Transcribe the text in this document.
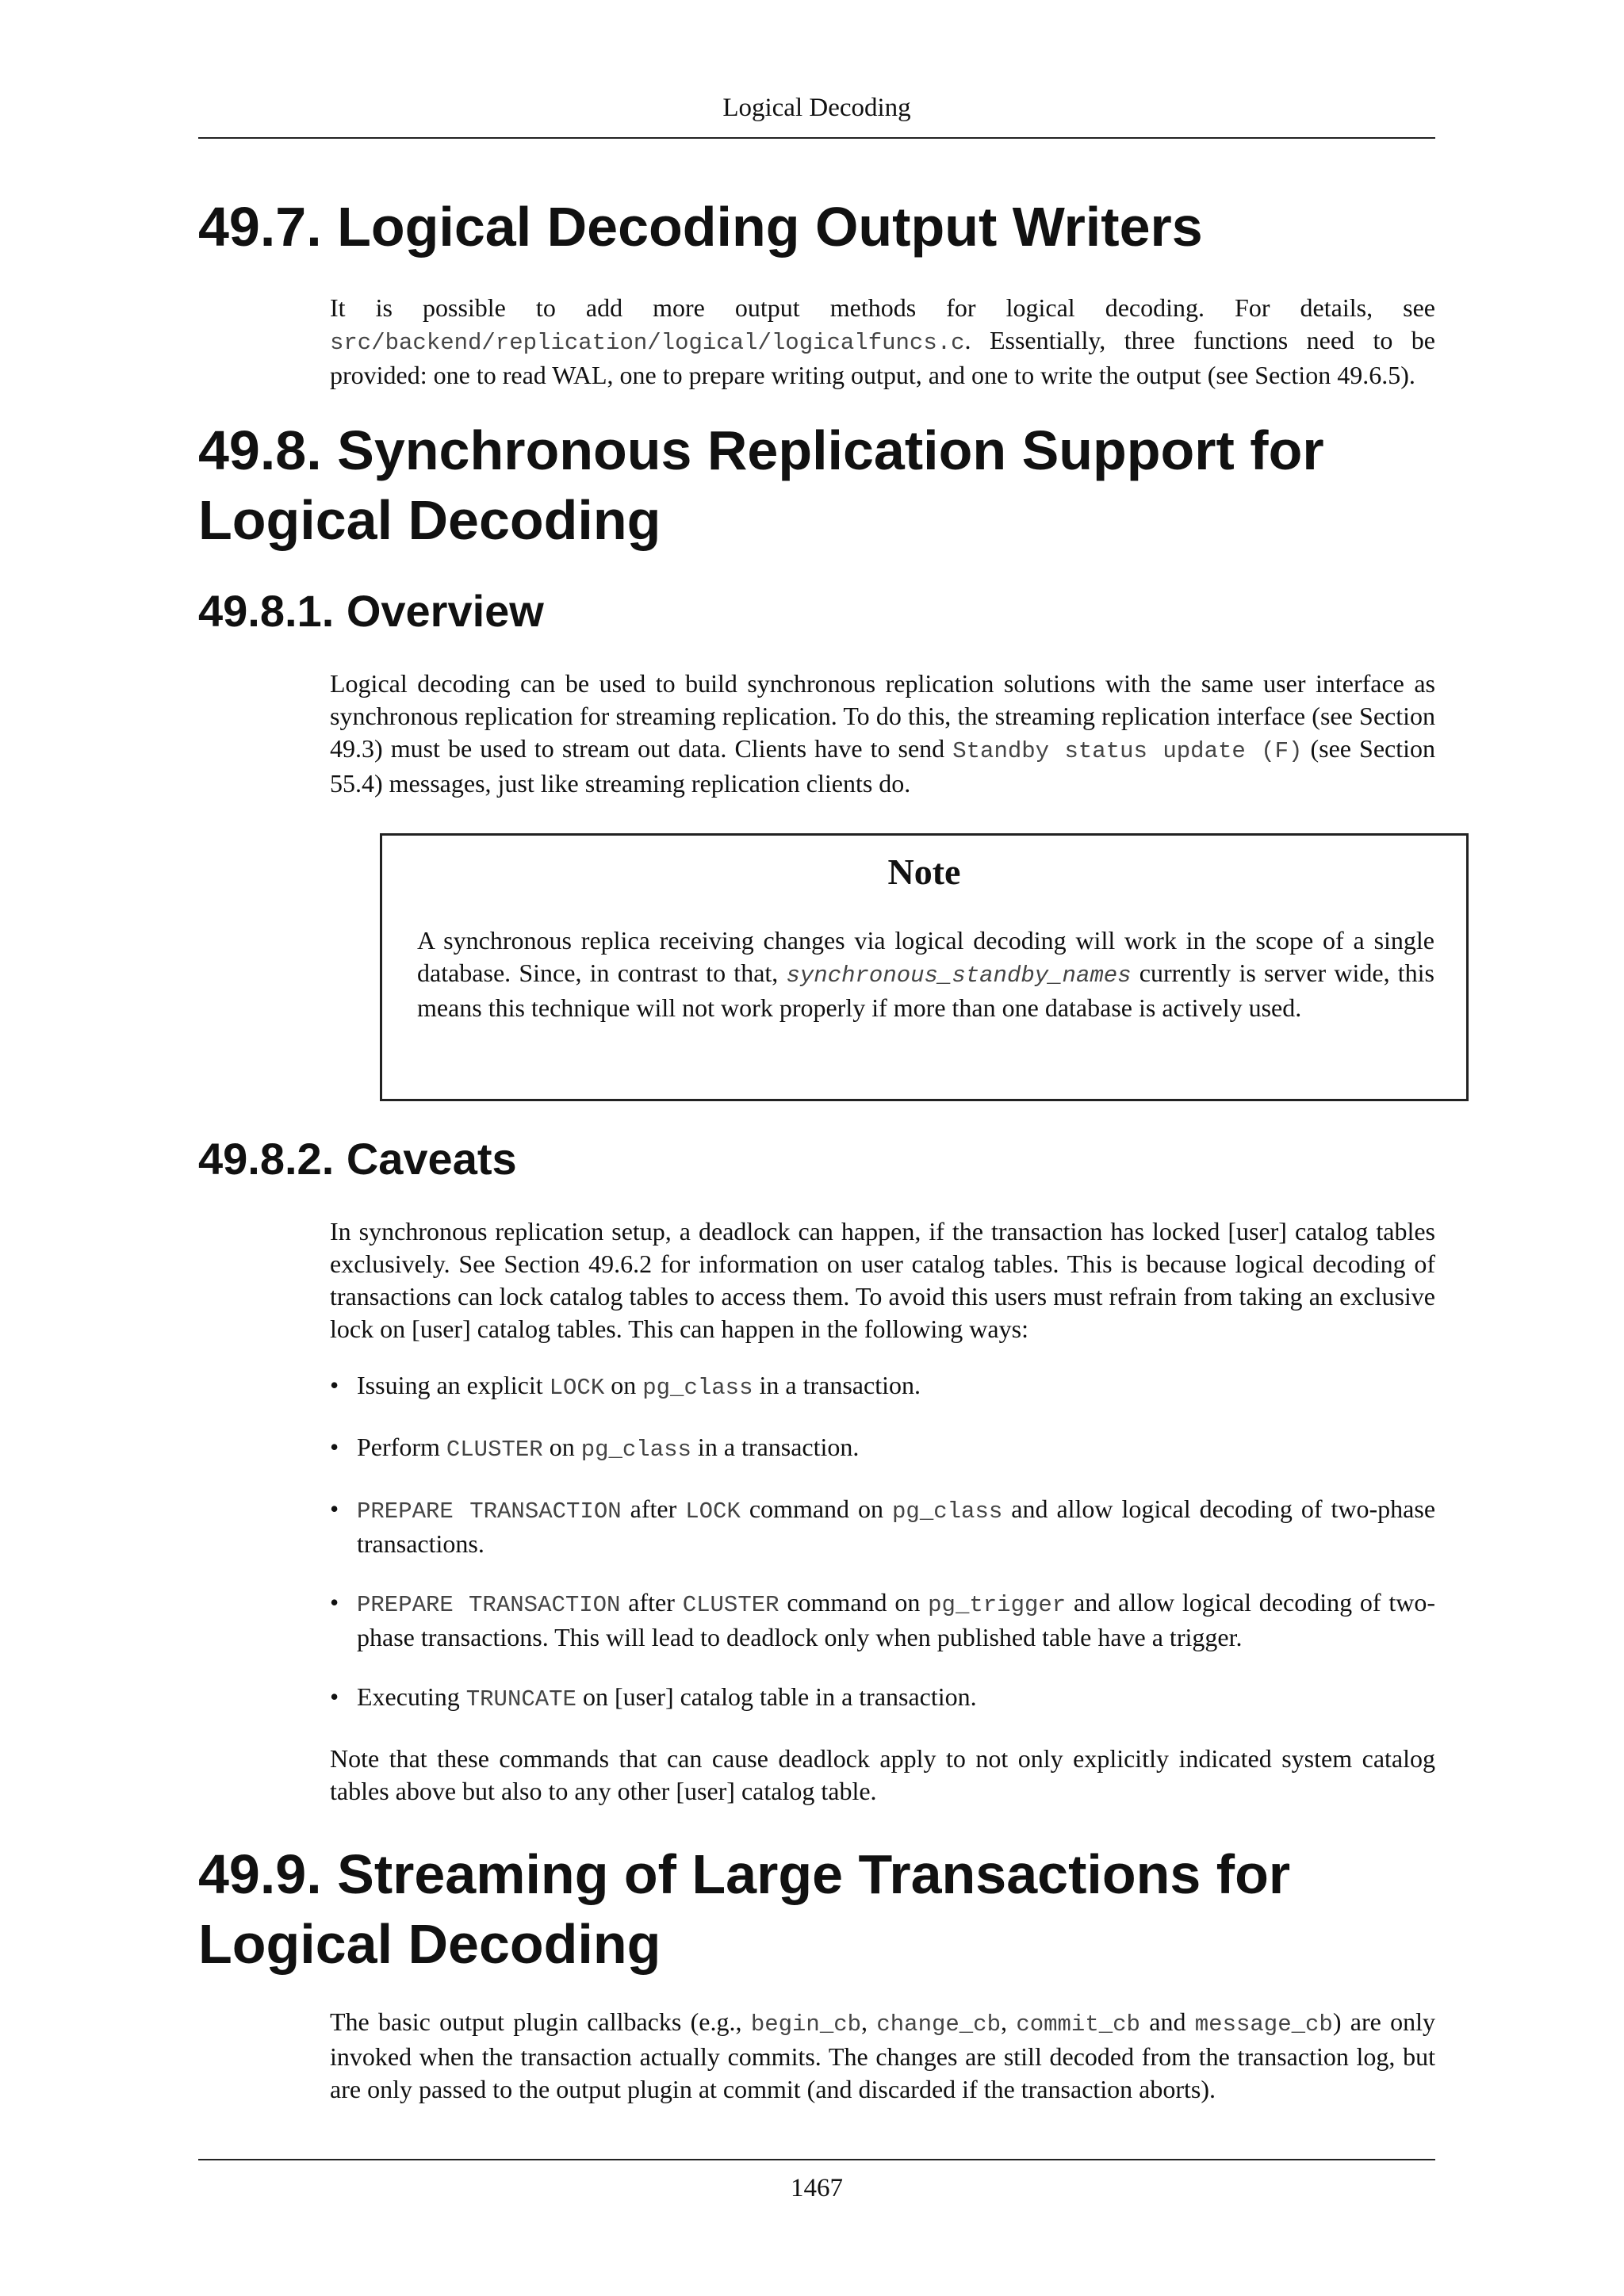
Logical Decoding
49.7. Logical Decoding Output Writers

It is possible to add more output methods for logical decoding. For details, see src/backend/replication/logical/logicalfuncs.c. Essentially, three functions need to be provided: one to read WAL, one to prepare writing output, and one to write the output (see Section 49.6.5).

49.8. Synchronous Replication Support for
Logical Decoding
49.8.1. Overview

Logical decoding can be used to build synchronous replication solutions with the same user interface as synchronous replication for streaming replication. To do this, the streaming replication interface (see Section 49.3) must be used to stream out data. Clients have to send Standby status update (F) (see Section 55.4) messages, just like streaming replication clients do.

Note

A synchronous replica receiving changes via logical decoding will work in the scope of a single database. Since, in contrast to that, synchronous_standby_names currently is server wide, this means this technique will not work properly if more than one database is actively used.

49.8.2. Caveats

In synchronous replication setup, a deadlock can happen, if the transaction has locked [user] catalog tables exclusively. See Section 49.6.2 for information on user catalog tables. This is because logical decoding of transactions can lock catalog tables to access them. To avoid this users must refrain from taking an exclusive lock on [user] catalog tables. This can happen in the following ways:

• Issuing an explicit LOCK on pg_class in a transaction.
• Perform CLUSTER on pg_class in a transaction.
• PREPARE TRANSACTION after LOCK command on pg_class and allow logical decoding of two-phase transactions.
• PREPARE TRANSACTION after CLUSTER command on pg_trigger and allow logical decoding of two-phase transactions. This will lead to deadlock only when published table have a trigger.
• Executing TRUNCATE on [user] catalog table in a transaction.

Note that these commands that can cause deadlock apply to not only explicitly indicated system catalog tables above but also to any other [user] catalog table.

49.9. Streaming of Large Transactions for
Logical Decoding

The basic output plugin callbacks (e.g., begin_cb, change_cb, commit_cb and message_cb) are only invoked when the transaction actually commits. The changes are still decoded from the transaction log, but are only passed to the output plugin at commit (and discarded if the transaction aborts).

1467
